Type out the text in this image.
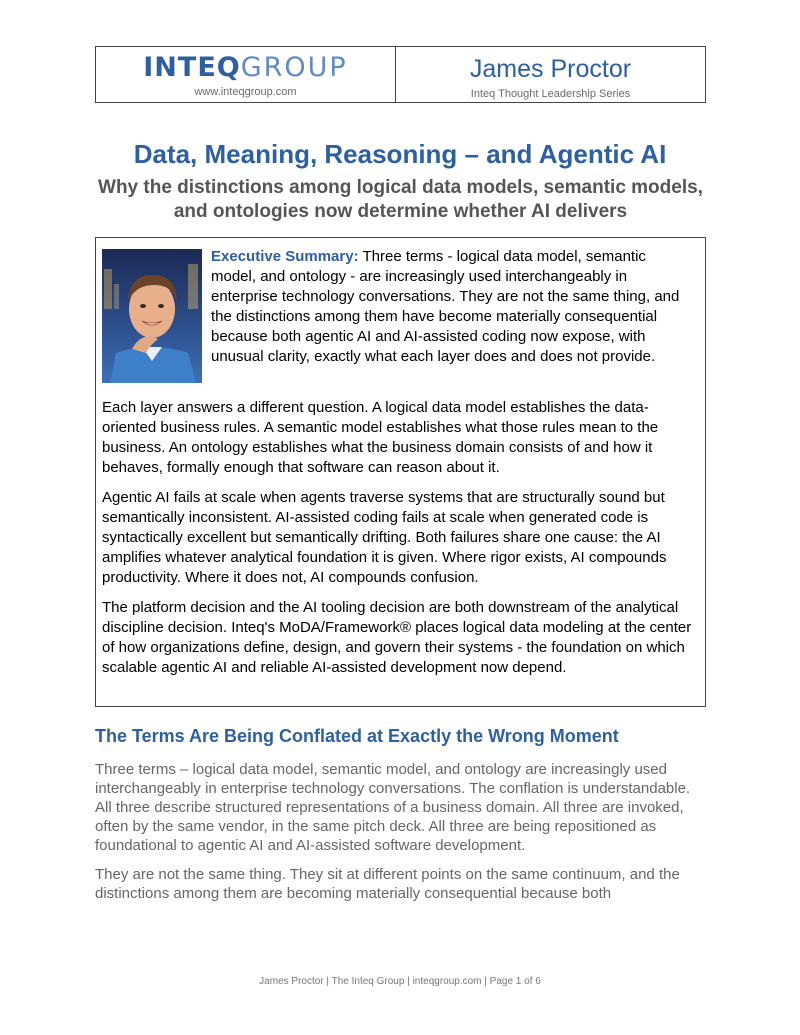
INTEQGROUP
www.inteqgroup.com
James Proctor
Inteq Thought Leadership Series
Data, Meaning, Reasoning – and Agentic AI
Why the distinctions among logical data models, semantic models, and ontologies now determine whether AI delivers
Executive Summary: Three terms - logical data model, semantic model, and ontology - are increasingly used interchangeably in enterprise technology conversations. They are not the same thing, and the distinctions among them have become materially consequential because both agentic AI and AI-assisted coding now expose, with unusual clarity, exactly what each layer does and does not provide.

Each layer answers a different question. A logical data model establishes the data-oriented business rules. A semantic model establishes what those rules mean to the business. An ontology establishes what the business domain consists of and how it behaves, formally enough that software can reason about it.

Agentic AI fails at scale when agents traverse systems that are structurally sound but semantically inconsistent. AI-assisted coding fails at scale when generated code is syntactically excellent but semantically drifting. Both failures share one cause: the AI amplifies whatever analytical foundation it is given. Where rigor exists, AI compounds productivity. Where it does not, AI compounds confusion.

The platform decision and the AI tooling decision are both downstream of the analytical discipline decision. Inteq's MoDA/Framework® places logical data modeling at the center of how organizations define, design, and govern their systems - the foundation on which scalable agentic AI and reliable AI-assisted development now depend.

The Terms Are Being Conflated at Exactly the Wrong Moment

Three terms – logical data model, semantic model, and ontology are increasingly used interchangeably in enterprise technology conversations. The conflation is understandable. All three describe structured representations of a business domain. All three are invoked, often by the same vendor, in the same pitch deck. All three are being repositioned as foundational to agentic AI and AI-assisted software development.

They are not the same thing. They sit at different points on the same continuum, and the distinctions among them are becoming materially consequential because both

James Proctor | The Inteq Group | inteqgroup.com | Page 1 of 6
